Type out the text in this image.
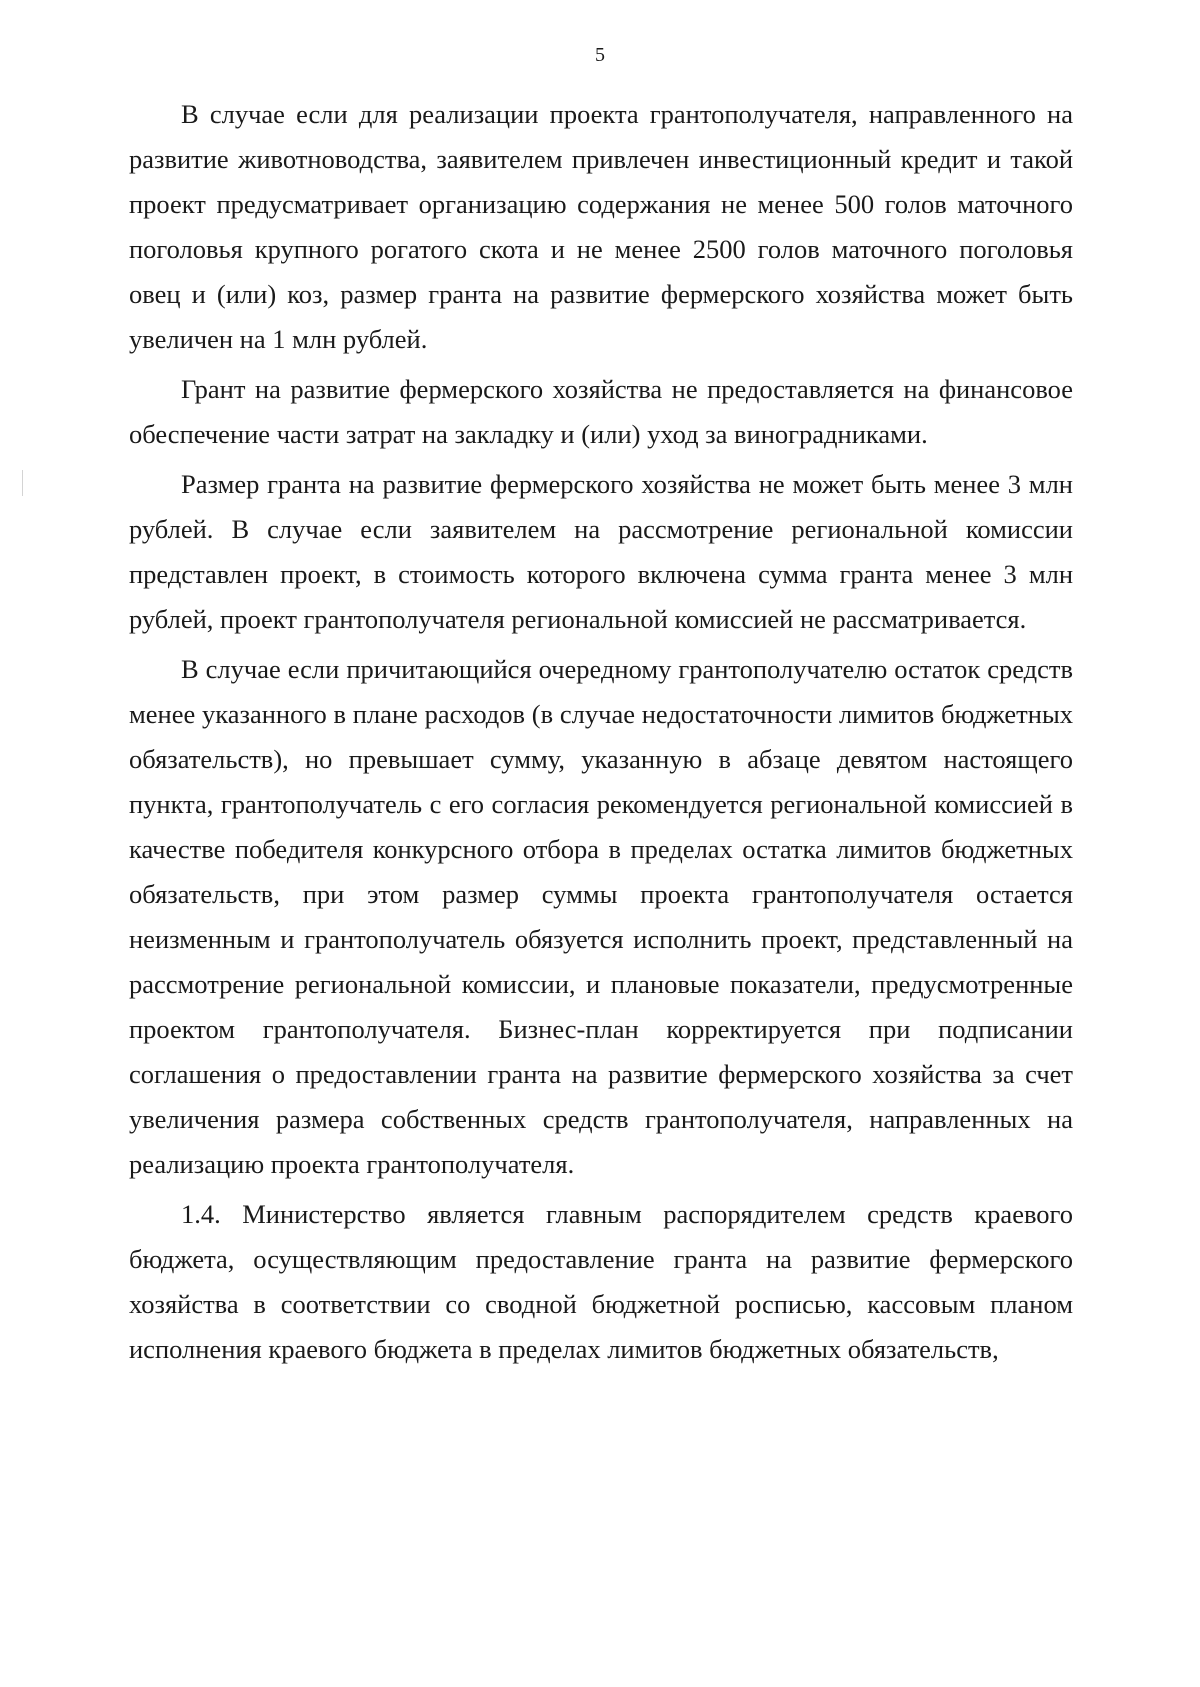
5

В случае если для реализации проекта грантополучателя, направленного на развитие животноводства, заявителем привлечен инвестиционный кредит и такой проект предусматривает организацию содержания не менее 500 голов маточного поголовья крупного рогатого скота и не менее 2500 голов маточного поголовья овец и (или) коз, размер гранта на развитие фермерского хозяйства может быть увеличен на 1 млн рублей.

Грант на развитие фермерского хозяйства не предоставляется на финансовое обеспечение части затрат на закладку и (или) уход за виноградниками.

Размер гранта на развитие фермерского хозяйства не может быть менее 3 млн рублей. В случае если заявителем на рассмотрение региональной комиссии представлен проект, в стоимость которого включена сумма гранта менее 3 млн рублей, проект грантополучателя региональной комиссией не рассматривается.

В случае если причитающийся очередному грантополучателю остаток средств менее указанного в плане расходов (в случае недостаточности лимитов бюджетных обязательств), но превышает сумму, указанную в абзаце девятом настоящего пункта, грантополучатель с его согласия рекомендуется региональной комиссией в качестве победителя конкурсного отбора в пределах остатка лимитов бюджетных обязательств, при этом размер суммы проекта грантополучателя остается неизменным и грантополучатель обязуется исполнить проект, представленный на рассмотрение региональной комиссии, и плановые показатели, предусмотренные проектом грантополучателя. Бизнес-план корректируется при подписании соглашения о предоставлении гранта на развитие фермерского хозяйства за счет увеличения размера собственных средств грантополучателя, направленных на реализацию проекта грантополучателя.

1.4. Министерство является главным распорядителем средств краевого бюджета, осуществляющим предоставление гранта на развитие фермерского хозяйства в соответствии со сводной бюджетной росписью, кассовым планом исполнения краевого бюджета в пределах лимитов бюджетных обязательств,
